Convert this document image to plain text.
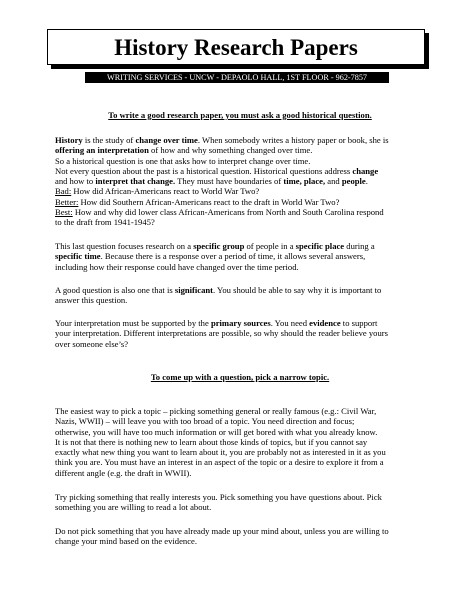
History Research Papers
WRITING SERVICES - UNCW - DEPAOLO HALL, 1ST FLOOR - 962-7857
To write a good research paper, you must ask a good historical question.

History is the study of change over time. When somebody writes a history paper or book, she is
offering an interpretation of how and why something changed over time.
So a historical question is one that asks how to interpret change over time.
Not every question about the past is a historical question. Historical questions address change
and how to interpret that change. They must have boundaries of time, place, and people.
Bad: How did African-Americans react to World War Two?
Better: How did Southern African-Americans react to the draft in World War Two?
Best: How and why did lower class African-Americans from North and South Carolina respond
to the draft from 1941-1945?

This last question focuses research on a specific group of people in a specific place during a
specific time. Because there is a response over a period of time, it allows several answers,
including how their response could have changed over the time period.

A good question is also one that is significant. You should be able to say why it is important to
answer this question.

Your interpretation must be supported by the primary sources. You need evidence to support
your interpretation. Different interpretations are possible, so why should the reader believe yours
over someone else’s?

To come up with a question, pick a narrow topic.

The easiest way to pick a topic – picking something general or really famous (e.g.: Civil War,
Nazis, WWII) – will leave you with too broad of a topic. You need direction and focus;
otherwise, you will have too much information or will get bored with what you already know.
It is not that there is nothing new to learn about those kinds of topics, but if you cannot say
exactly what new thing you want to learn about it, you are probably not as interested in it as you
think you are. You must have an interest in an aspect of the topic or a desire to explore it from a
different angle (e.g. the draft in WWII).

Try picking something that really interests you. Pick something you have questions about. Pick
something you are willing to read a lot about.

Do not pick something that you have already made up your mind about, unless you are willing to
change your mind based on the evidence.
